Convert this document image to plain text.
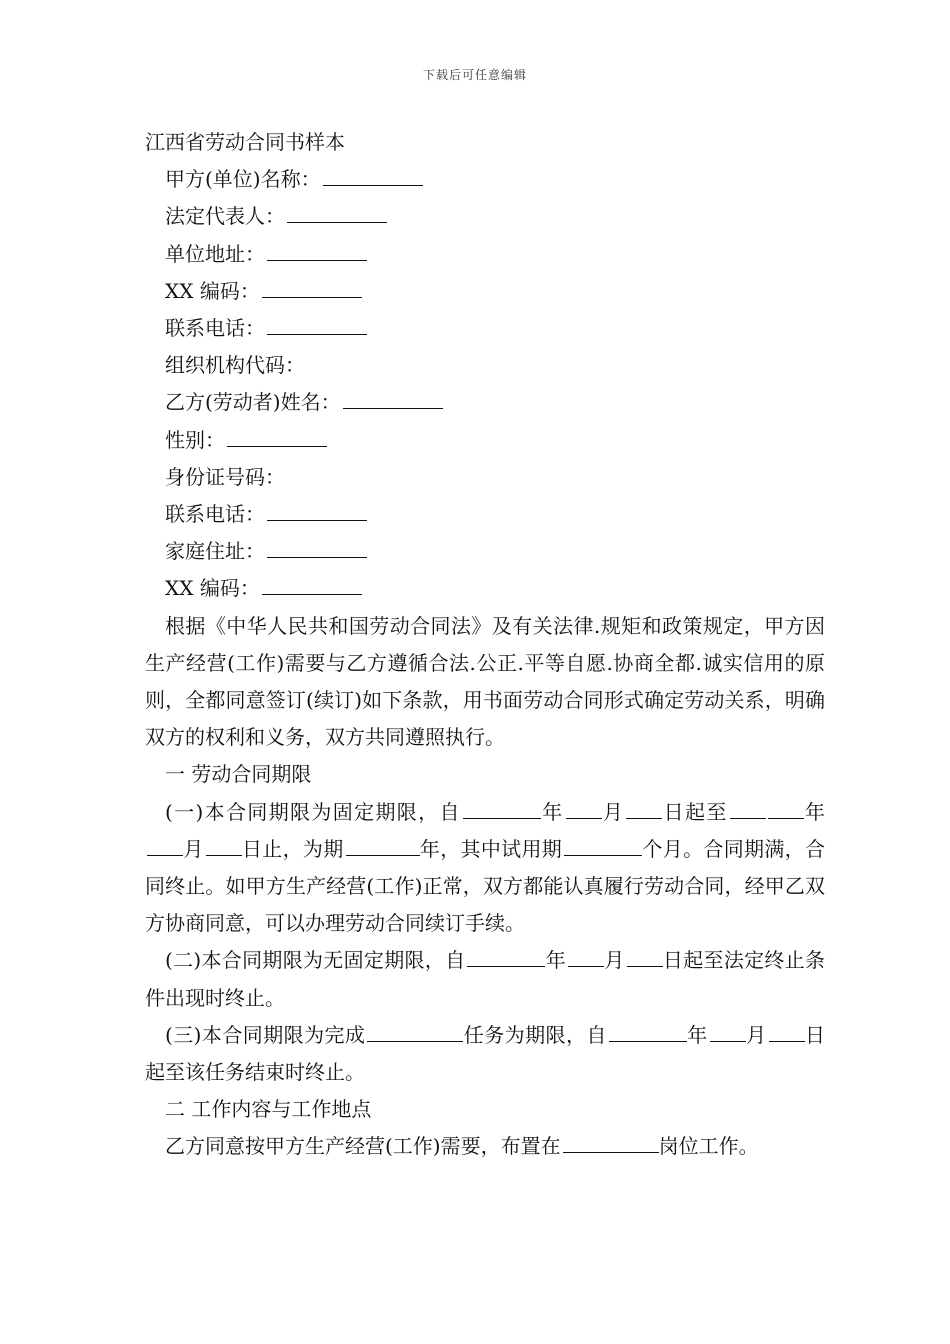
下载后可任意编辑
江西省劳动合同书样本
甲方(单位)名称：
法定代表人：
单位地址：
XX 编码：
联系电话：
组织机构代码：
乙方(劳动者)姓名：
性别：
身份证号码：
联系电话：
家庭住址：
XX 编码：

根据《中华人民共和国劳动合同法》及有关法律.规矩和政策规定，甲方因生产经营(工作)需要与乙方遵循合法.公正.平等自愿.协商全都.诚实信用的原则，全都同意签订(续订)如下条款，用书面劳动合同形式确定劳动关系，明确双方的权利和义务，双方共同遵照执行。

一 劳动合同期限

(一)本合同期限为固定期限，自	年 月 日起至	年月 日止，为期	年，其中试用期	个月。合同期满，合同终止。如甲方生产经营(工作)正常，双方都能认真履行劳动合同，经甲乙双方协商同意，可以办理劳动合同续订手续。

(二)本合同期限为无固定期限，自	年 月 日起至法定终止条件出现时终止。

(三)本合同期限为完成	任务为期限，自	年 月 日起至该任务结束时终止。

二 工作内容与工作地点

乙方同意按甲方生产经营(工作)需要，布置在	岗位工作。
